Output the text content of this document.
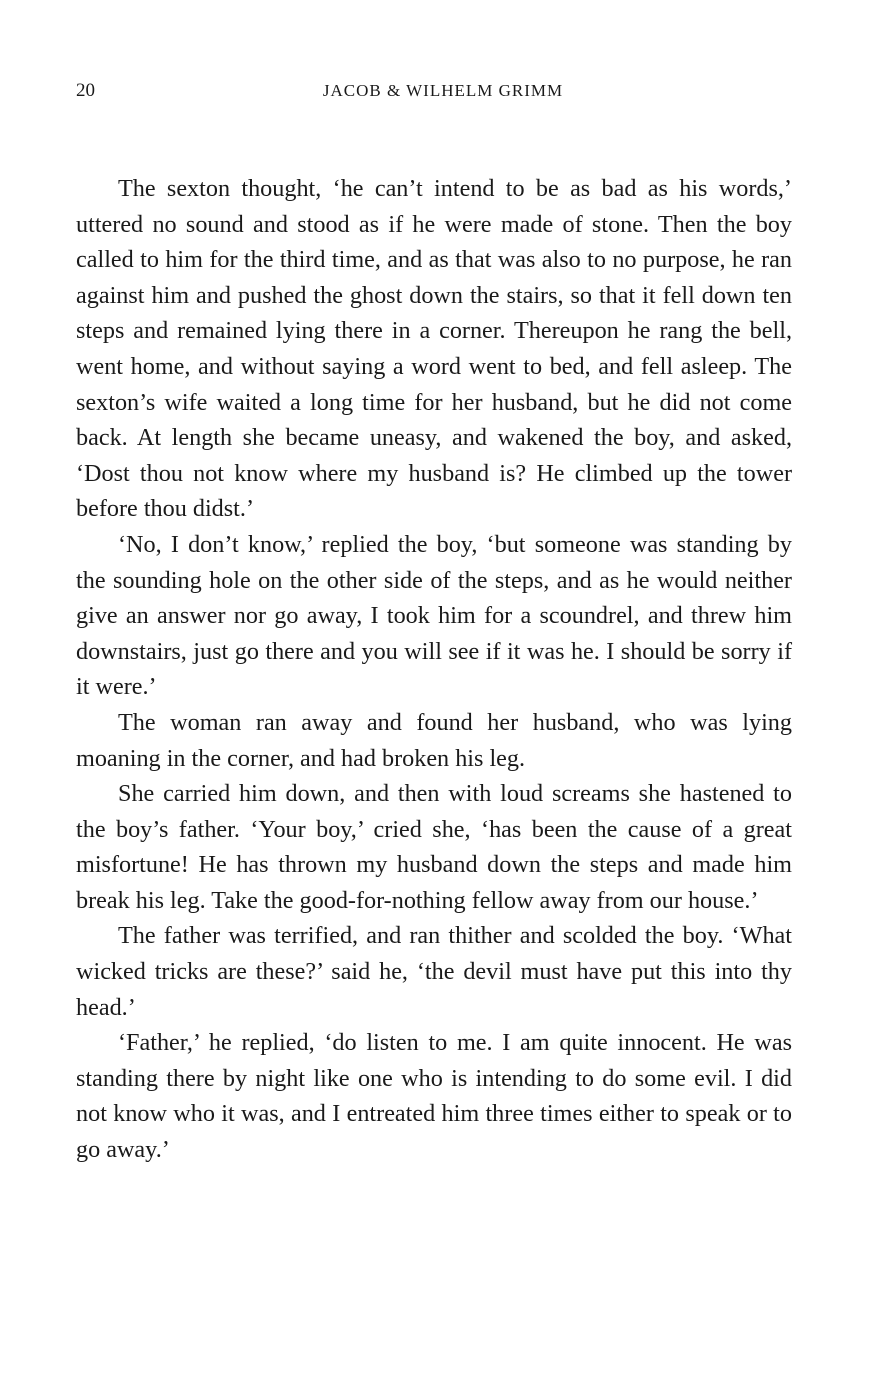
20	JACOB & WILHELM GRIMM

The sexton thought, ‘he can’t intend to be as bad as his words,’ uttered no sound and stood as if he were made of stone. Then the boy called to him for the third time, and as that was also to no purpose, he ran against him and pushed the ghost down the stairs, so that it fell down ten steps and remained lying there in a corner. Thereupon he rang the bell, went home, and without saying a word went to bed, and fell asleep. The sexton’s wife waited a long time for her husband, but he did not come back. At length she became uneasy, and wakened the boy, and asked, ‘Dost thou not know where my husband is? He climbed up the tower before thou didst.’

‘No, I don’t know,’ replied the boy, ‘but someone was standing by the sounding hole on the other side of the steps, and as he would neither give an answer nor go away, I took him for a scoundrel, and threw him downstairs, just go there and you will see if it was he. I should be sorry if it were.’

The woman ran away and found her husband, who was lying moaning in the corner, and had broken his leg.

She carried him down, and then with loud screams she hastened to the boy’s father. ‘Your boy,’ cried she, ‘has been the cause of a great misfortune! He has thrown my husband down the steps and made him break his leg. Take the good-for-nothing fellow away from our house.’

The father was terrified, and ran thither and scolded the boy. ‘What wicked tricks are these?’ said he, ‘the devil must have put this into thy head.’

‘Father,’ he replied, ‘do listen to me. I am quite innocent. He was standing there by night like one who is intending to do some evil. I did not know who it was, and I entreated him three times either to speak or to go away.’
